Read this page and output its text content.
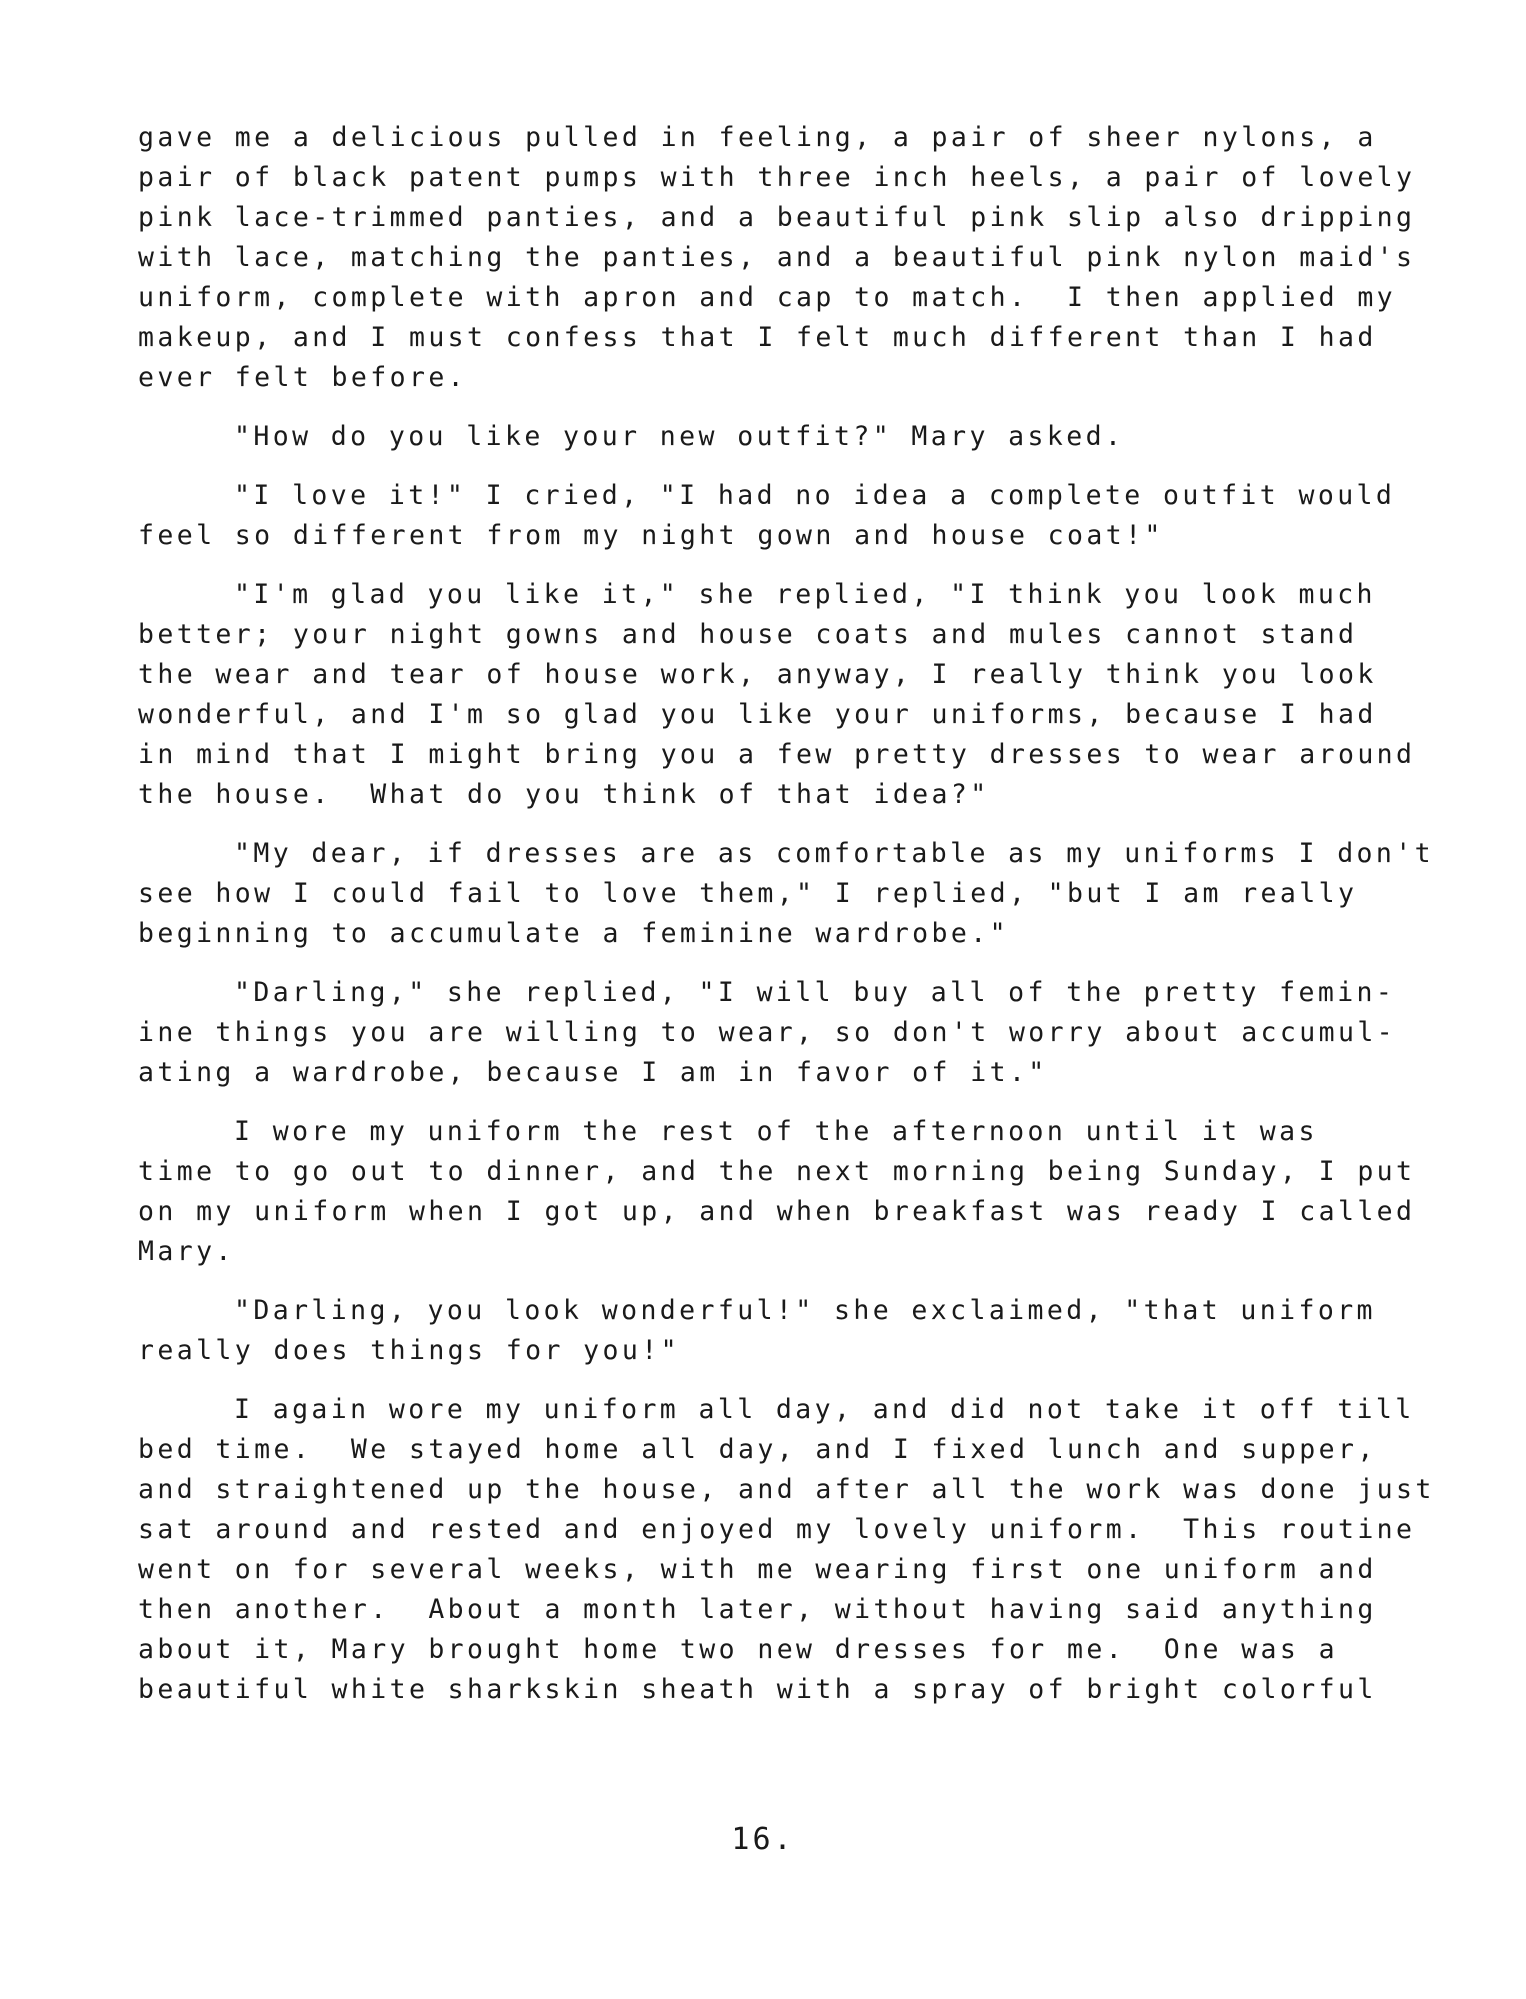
gave me a delicious pulled in feeling, a pair of sheer nylons, a
pair of black patent pumps with three inch heels, a pair of lovely
pink lace-trimmed panties, and a beautiful pink slip also dripping
with lace, matching the panties, and a beautiful pink nylon maid's
uniform, complete with apron and cap to match.  I then applied my
makeup, and I must confess that I felt much different than I had
ever felt before.
"How do you like your new outfit?" Mary asked.
"I love it!" I cried, "I had no idea a complete outfit would
feel so different from my night gown and house coat!"
"I'm glad you like it," she replied, "I think you look much
better; your night gowns and house coats and mules cannot stand
the wear and tear of house work, anyway, I really think you look
wonderful, and I'm so glad you like your uniforms, because I had
in mind that I might bring you a few pretty dresses to wear around
the house.  What do you think of that idea?"
"My dear, if dresses are as comfortable as my uniforms I don't
see how I could fail to love them," I replied, "but I am really
beginning to accumulate a feminine wardrobe."
"Darling," she replied, "I will buy all of the pretty femin-
ine things you are willing to wear, so don't worry about accumul-
ating a wardrobe, because I am in favor of it."
I wore my uniform the rest of the afternoon until it was
time to go out to dinner, and the next morning being Sunday, I put
on my uniform when I got up, and when breakfast was ready I called
Mary.
"Darling, you look wonderful!" she exclaimed, "that uniform
really does things for you!"
I again wore my uniform all day, and did not take it off till
bed time.  We stayed home all day, and I fixed lunch and supper,
and straightened up the house, and after all the work was done just
sat around and rested and enjoyed my lovely uniform.  This routine
went on for several weeks, with me wearing first one uniform and
then another.  About a month later, without having said anything
about it, Mary brought home two new dresses for me.  One was a
beautiful white sharkskin sheath with a spray of bright colorful
16.
